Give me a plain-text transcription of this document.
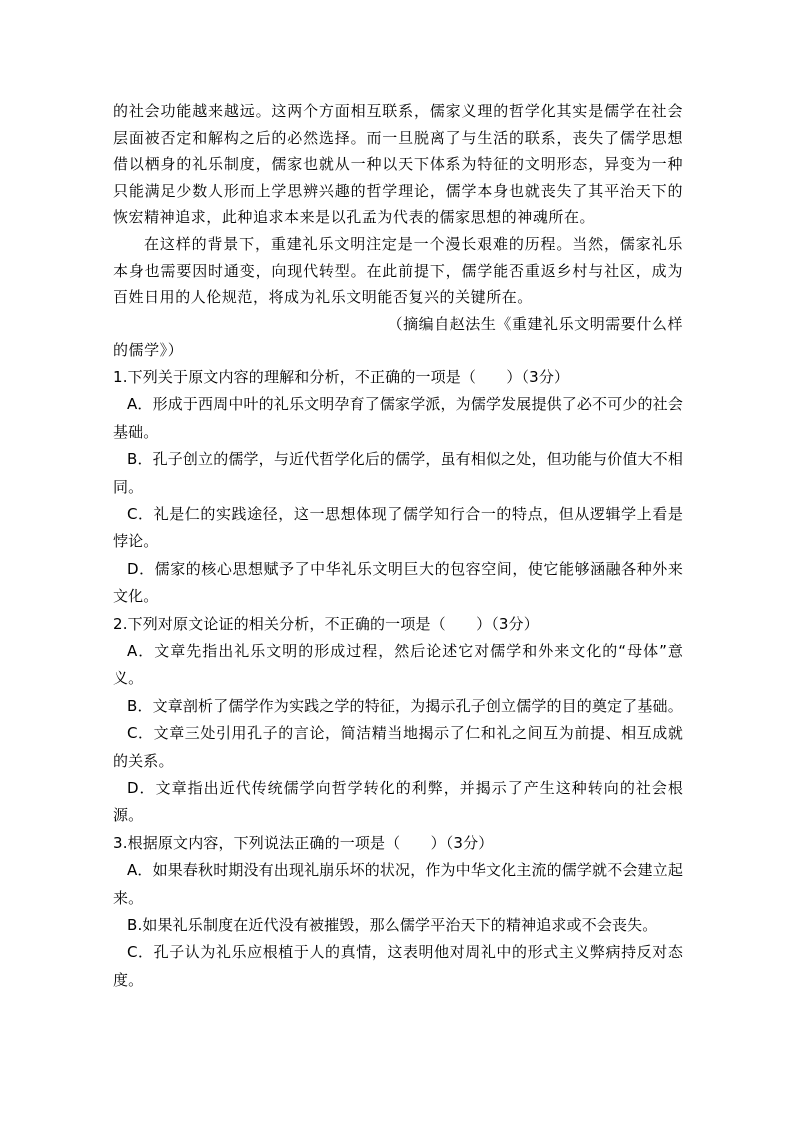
的社会功能越来越远。这两个方面相互联系，儒家义理的哲学化其实是儒学在社会层面被否定和解构之后的必然选择。而一旦脱离了与生活的联系，丧失了儒学思想借以栖身的礼乐制度，儒家也就从一种以天下体系为特征的文明形态，异变为一种只能满足少数人形而上学思辨兴趣的哲学理论，儒学本身也就丧失了其平治天下的恢宏精神追求，此种追求本来是以孔孟为代表的儒家思想的神魂所在。

在这样的背景下，重建礼乐文明注定是一个漫长艰难的历程。当然，儒家礼乐本身也需要因时通变，向现代转型。在此前提下，儒学能否重返乡村与社区，成为百姓日用的人伦规范，将成为礼乐文明能否复兴的关键所在。

（摘编自赵法生《重建礼乐文明需要什么样
的儒学》）

1.下列关于原文内容的理解和分析，不正确的一项是（　　）（3分）

A．形成于西周中叶的礼乐文明孕育了儒家学派，为儒学发展提供了必不可少的社会基础。

B．孔子创立的儒学，与近代哲学化后的儒学，虽有相似之处，但功能与价值大不相同。

C．礼是仁的实践途径，这一思想体现了儒学知行合一的特点，但从逻辑学上看是悖论。

D．儒家的核心思想赋予了中华礼乐文明巨大的包容空间，使它能够涵融各种外来文化。

2.下列对原文论证的相关分析，不正确的一项是（　　）（3分）

A．文章先指出礼乐文明的形成过程，然后论述它对儒学和外来文化的“母体”意义。

B．文章剖析了儒学作为实践之学的特征，为揭示孔子创立儒学的目的奠定了基础。

C．文章三处引用孔子的言论，简洁精当地揭示了仁和礼之间互为前提、相互成就的关系。

D．文章指出近代传统儒学向哲学转化的利弊，并揭示了产生这种转向的社会根源。

3.根据原文内容，下列说法正确的一项是（　　）（3分）

A．如果春秋时期没有出现礼崩乐坏的状况，作为中华文化主流的儒学就不会建立起来。

B.如果礼乐制度在近代没有被摧毁，那么儒学平治天下的精神追求或不会丧失。

C．孔子认为礼乐应根植于人的真情，这表明他对周礼中的形式主义弊病持反对态度。
